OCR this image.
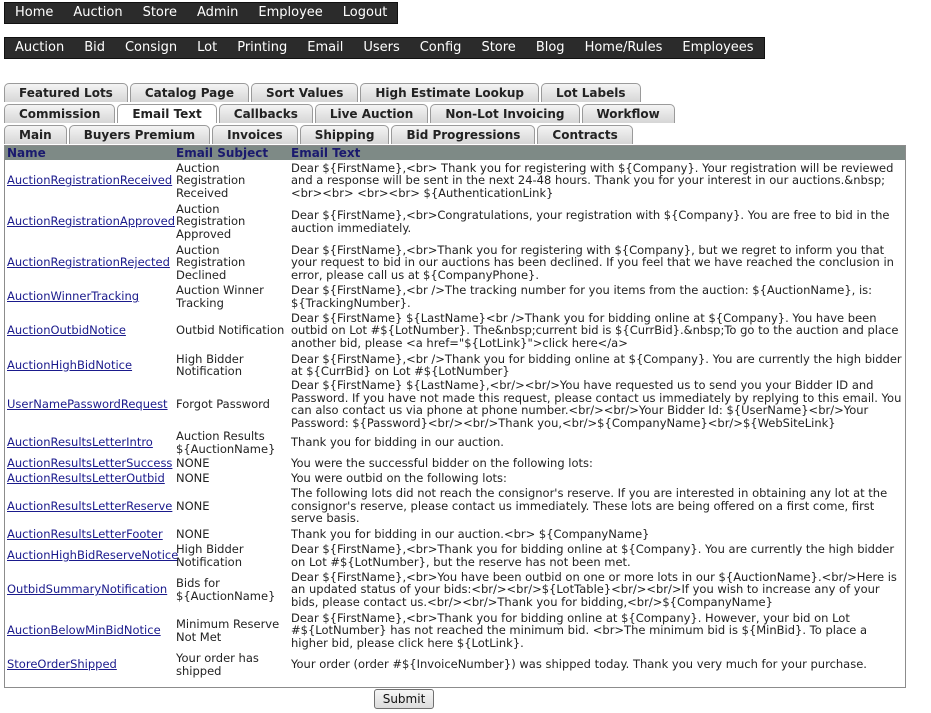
Home	Auction	Store	Admin	Employee	Logout
Auction	Bid	Consign	Lot	Printing	Email	Users	Config	Store	Blog	Home/Rules	Employees
Featured Lots	Catalog Page	Sort Values	High Estimate Lookup	Lot Labels
Commission	Email Text	Callbacks	Live Auction	Non-Lot Invoicing	Workflow
Main	Buyers Premium	Invoices	Shipping	Bid Progressions	Contracts
Name	Email Subject	Email Text
AuctionRegistrationReceived	Auction Registration Received	Dear ${FirstName},<br> Thank you for registering with ${Company}. Your registration will be reviewed and a response will be sent in the next 24-48 hours. Thank you for your interest in our auctions.&nbsp;<br><br> <br><br> ${AuthenticationLink}
AuctionRegistrationApproved	Auction Registration Approved	Dear ${FirstName},<br>Congratulations, your registration with ${Company}. You are free to bid in the auction immediately.
AuctionRegistrationRejected	Auction Registration Declined	Dear ${FirstName},<br>Thank you for registering with ${Company}, but we regret to inform you that your request to bid in our auctions has been declined. If you feel that we have reached the conclusion in error, please call us at ${CompanyPhone}.
AuctionWinnerTracking	Auction Winner Tracking	Dear ${FirstName},<br />The tracking number for you items from the auction: ${AuctionName}, is: ${TrackingNumber}.
AuctionOutbidNotice	Outbid Notification	Dear ${FirstName} ${LastName}<br />Thank you for bidding online at ${Company}. You have been outbid on Lot #${LotNumber}. The&nbsp;current bid is ${CurrBid}.&nbsp;To go to the auction and place another bid, please <a href="${LotLink}">click here</a>
AuctionHighBidNotice	High Bidder Notification	Dear ${FirstName},<br />Thank you for bidding online at ${Company}. You are currently the high bidder at ${CurrBid} on Lot #${LotNumber}
UserNamePasswordRequest	Forgot Password	Dear ${FirstName} ${LastName},<br/><br/>You have requested us to send you your Bidder ID and Password. If you have not made this request, please contact us immediately by replying to this email. You can also contact us via phone at phone number.<br/><br/>Your Bidder Id: ${UserName}<br/>Your Password: ${Password}<br/><br/>Thank you,<br/>${CompanyName}<br/>${WebSiteLink}
AuctionResultsLetterIntro	Auction Results ${AuctionName}	Thank you for bidding in our auction.
AuctionResultsLetterSuccess	NONE	You were the successful bidder on the following lots:
AuctionResultsLetterOutbid	NONE	You were outbid on the following lots:
AuctionResultsLetterReserve	NONE	The following lots did not reach the consignor's reserve. If you are interested in obtaining any lot at the consignor's reserve, please contact us immediately. These lots are being offered on a first come, first serve basis.
AuctionResultsLetterFooter	NONE	Thank you for bidding in our auction.<br> ${CompanyName}
AuctionHighBidReserveNotice	High Bidder Notification	Dear ${FirstName},<br>Thank you for bidding online at ${Company}. You are currently the high bidder on Lot #${LotNumber}, but the reserve has not been met.
OutbidSummaryNotification	Bids for ${AuctionName}	Dear ${FirstName},<br>You have been outbid on one or more lots in our ${AuctionName}.<br/>Here is an updated status of your bids:<br/><br/>${LotTable}<br/><br/>If you wish to increase any of your bids, please contact us.<br/><br/>Thank you for bidding,<br/>${CompanyName}
AuctionBelowMinBidNotice	Minimum Reserve Not Met	Dear ${FirstName},<br>Thank you for bidding online at ${Company}. However, your bid on Lot #${LotNumber} has not reached the minimum bid. <br>The minimum bid is ${MinBid}. To place a higher bid, please click here ${LotLink}.
StoreOrderShipped	Your order has shipped	Your order (order #${InvoiceNumber}) was shipped today. Thank you very much for your purchase.
Submit
